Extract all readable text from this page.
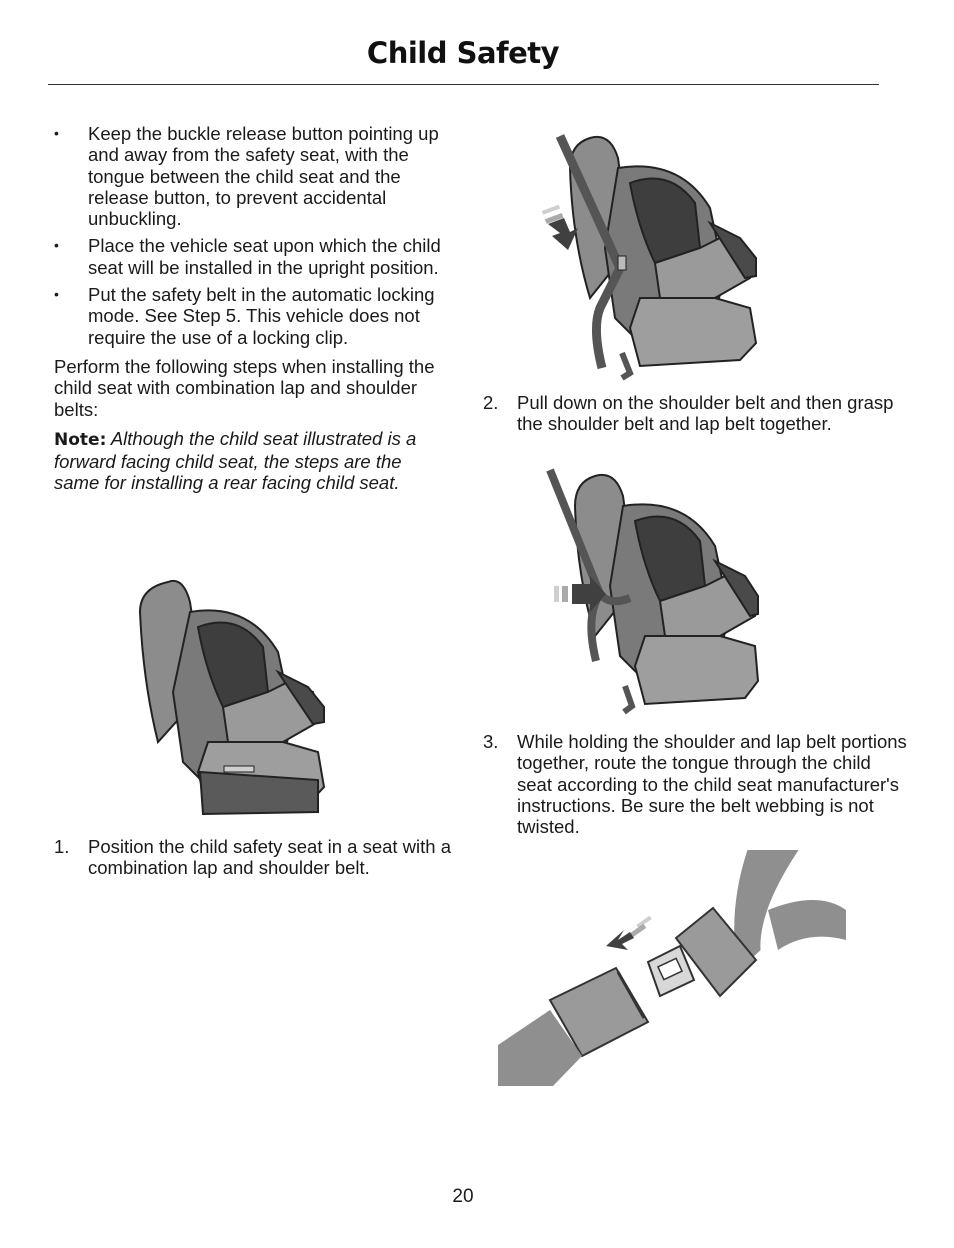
Child Safety
• Keep the buckle release button pointing up and away from the safety seat, with the tongue between the child seat and the release button, to prevent accidental unbuckling.
• Place the vehicle seat upon which the child seat will be installed in the upright position.
• Put the safety belt in the automatic locking mode. See Step 5. This vehicle does not require the use of a locking clip.

Perform the following steps when installing the child seat with combination lap and shoulder belts:

Note: Although the child seat illustrated is a forward facing child seat, the steps are the same for installing a rear facing child seat.

1. Position the child safety seat in a seat with a combination lap and shoulder belt.
2. Pull down on the shoulder belt and then grasp the shoulder belt and lap belt together.
3. While holding the shoulder and lap belt portions together, route the tongue through the child seat according to the child seat manufacturer's instructions. Be sure the belt webbing is not twisted.
20
